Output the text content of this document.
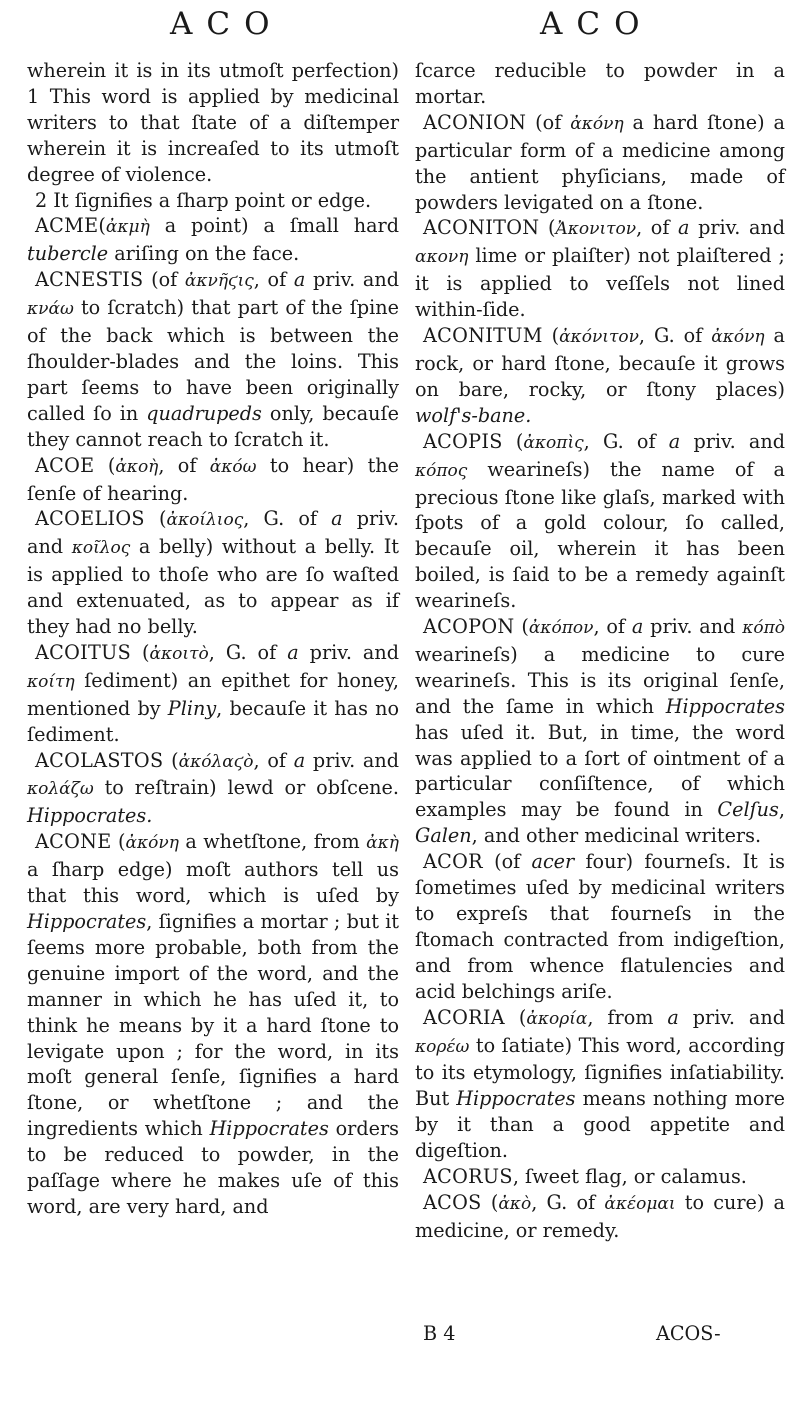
ACO	ACO

wherein it is in its utmoſt perfection) 1 This word is applied by medicinal writers to that ſtate of a diſtemper wherein it is increaſed to its utmoſt degree of violence.

2 It ſignifies a ſharp point or edge.

ACME(ἀκμὴ a point) a ſmall hard tubercle ariſing on the face.

ACNESTIS (of ἀκνῆϛις, of a priv. and κνάω to ſcratch) that part of the ſpine of the back which is between the ſhoulder-blades and the loins. This part ſeems to have been originally called ſo in quadrupeds only, becauſe they cannot reach to ſcratch it.

ACOE (ἀκοὴ, of ἀκόω to hear) the ſenſe of hearing.

ACOELIOS (ἀκοίλιος, G. of a priv. and κοῖλος a belly) without a belly. It is applied to thoſe who are ſo waſted and extenuated, as to appear as if they had no belly.

ACOITUS (ἀκοιτὸ, G. of a priv. and κοίτη ſediment) an epithet for honey, mentioned by Pliny, becauſe it has no ſediment.

ACOLASTOS (ἀκόλαϛὸ, of a priv. and κολάζω to reſtrain) lewd or obſcene. Hippocrates.

ACONE (ἀκόνη a whetſtone, from ἀκὴ a ſharp edge) moſt authors tell us that this word, which is uſed by Hippocrates, ſignifies a mortar ; but it ſeems more probable, both from the genuine import of the word, and the manner in which he has uſed it, to think he means by it a hard ſtone to levigate upon ; for the word, in its moſt general ſenſe, ſignifies a hard ſtone, or whetſtone ; and the ingredients which Hippocrates orders to be reduced to powder, in the paſſage where he makes uſe of this word, are very hard, and

ſcarce reducible to powder in a mortar.

ACONION (of ἀκόνη a hard ſtone) a particular form of a medicine among the antient phyſicians, made of powders levigated on a ſtone.

ACONITON (Ἀκονιτον, of a priv. and ακονη lime or plaiſter) not plaiſtered ; it is applied to veſſels not lined within-ſide.

ACONITUM (ἀκόνιτον, G. of ἀκόνη a rock, or hard ſtone, becauſe it grows on bare, rocky, or ſtony places) wolf's-bane.

ACOPIS (ἀκοπὶς, G. of a priv. and κόπος wearineſs) the name of a precious ſtone like glaſs, marked with ſpots of a gold colour, ſo called, becauſe oil, wherein it has been boiled, is ſaid to be a remedy againſt wearineſs.

ACOPON (ἀκόπον, of a priv. and κόπὸ wearineſs) a medicine to cure wearineſs. This is its original ſenſe, and the ſame in which Hippocrates has uſed it. But, in time, the word was applied to a ſort of ointment of a particular conſiſtence, of which examples may be found in Celſus, Galen, and other medicinal writers.

ACOR (of acer four) fourneſs. It is ſometimes uſed by medicinal writers to expreſs that fourneſs in the ſtomach contracted from indigeſtion, and from whence flatulencies and acid belchings ariſe.

ACORIA (ἀκορία, from a priv. and κορέω to ſatiate) This word, according to its etymology, ſignifies inſatiability. But Hippocrates means nothing more by it than a good appetite and digeſtion.

ACORUS, ſweet flag, or calamus.

ACOS (ἀκὸ, G. of ἀκέομαι to cure) a medicine, or remedy.

B 4	ACOS-
